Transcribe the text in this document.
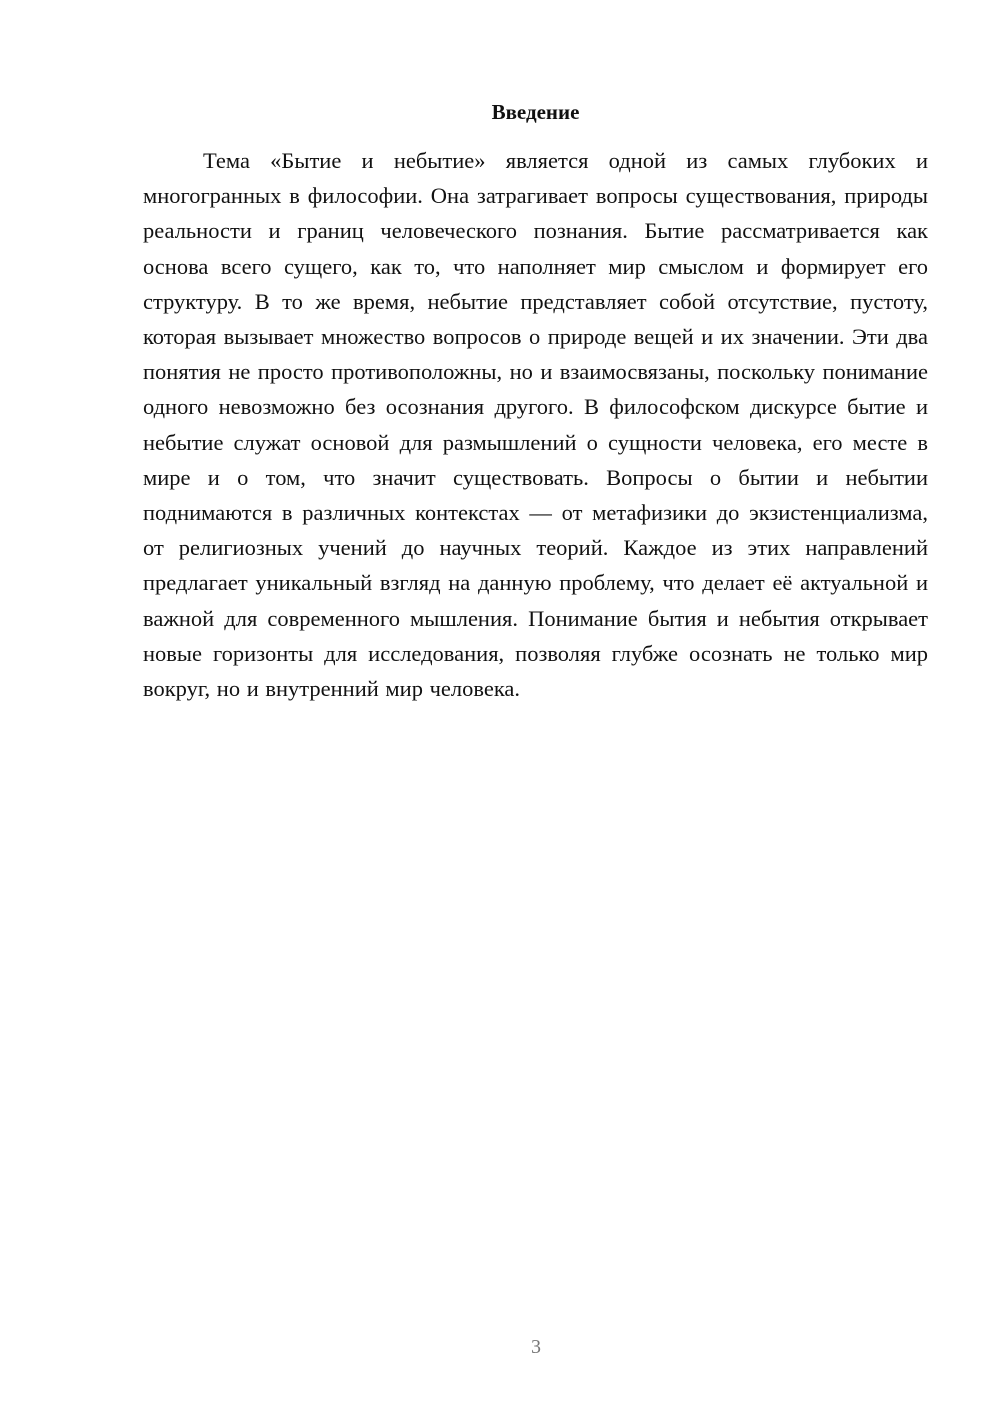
Введение

Тема «Бытие и небытие» является одной из самых глубоких и многогранных в философии. Она затрагивает вопросы существования, природы реальности и границ человеческого познания. Бытие рассматривается как основа всего сущего, как то, что наполняет мир смыслом и формирует его структуру. В то же время, небытие представляет собой отсутствие, пустоту, которая вызывает множество вопросов о природе вещей и их значении. Эти два понятия не просто противоположны, но и взаимосвязаны, поскольку понимание одного невозможно без осознания другого. В философском дискурсе бытие и небытие служат основой для размышлений о сущности человека, его месте в мире и о том, что значит существовать. Вопросы о бытии и небытии поднимаются в различных контекстах — от метафизики до экзистенциализма, от религиозных учений до научных теорий. Каждое из этих направлений предлагает уникальный взгляд на данную проблему, что делает её актуальной и важной для современного мышления. Понимание бытия и небытия открывает новые горизонты для исследования, позволяя глубже осознать не только мир вокруг, но и внутренний мир человека.

3
